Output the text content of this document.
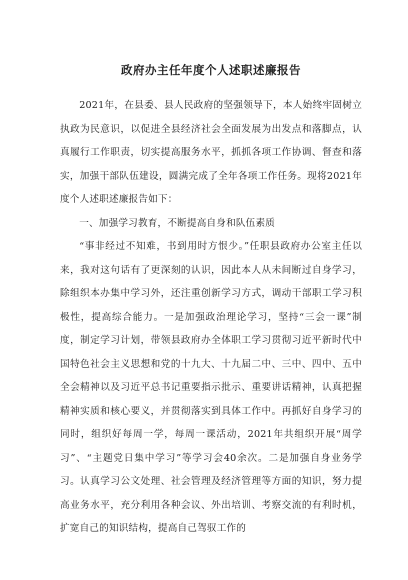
政府办主任年度个人述职述廉报告

2021年，在县委、县人民政府的坚强领导下，本人始终牢固树立执政为民意识，以促进全县经济社会全面发展为出发点和落脚点，认真履行工作职责，切实提高服务水平，抓抓各项工作协调、督查和落实，加强干部队伍建设，圆满完成了全年各项工作任务。现将2021年度个人述职述廉报告如下：

一、加强学习教育，不断提高自身和队伍素质

“事非经过不知难，书到用时方恨少。”任职县政府办公室主任以来，我对这句话有了更深刻的认识，因此本人从未间断过自身学习，除组织本办集中学习外，还注重创新学习方式，调动干部职工学习积极性，提高综合能力。一是加强政治理论学习，坚持“三会一课”制度，制定学习计划，带领县政府办全体职工学习贯彻习近平新时代中国特色社会主义思想和党的十九大、十九届二中、三中、四中、五中全会精神以及习近平总书记重要指示批示、重要讲话精神，认真把握精神实质和核心要义，并贯彻落实到具体工作中。再抓好自身学习的同时，组织好每周一学，每周一课活动，2021年共组织开展“周学习”、“主题党日集中学习”等学习会40余次。二是加强自身业务学习。认真学习公文处理、社会管理及经济管理等方面的知识，努力提高业务水平，充分利用各种会议、外出培训、考察交流的有利时机，扩宽自己的知识结构，提高自己驾驭工作的
